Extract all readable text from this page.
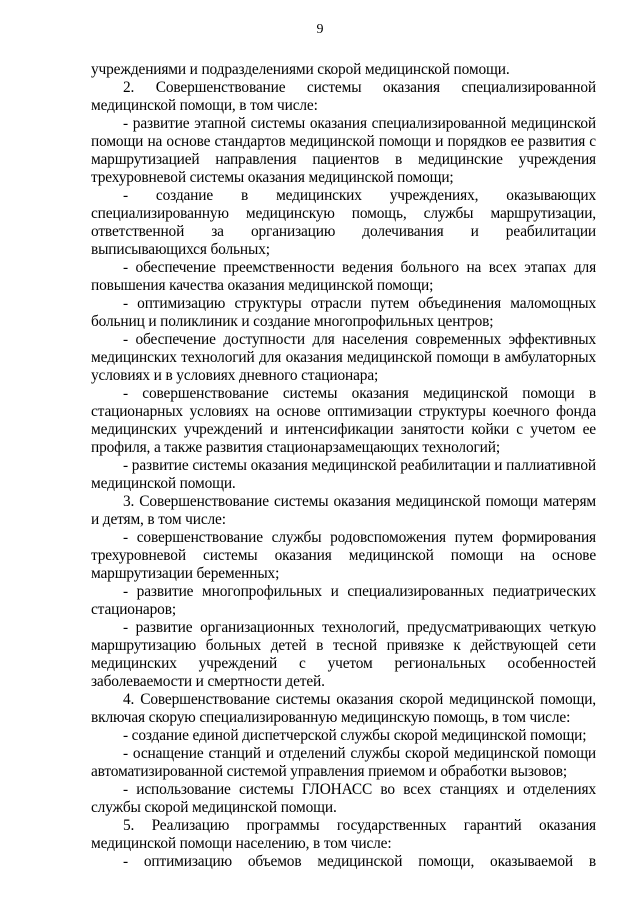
9

учреждениями и подразделениями скорой медицинской помощи.

2. Совершенствование системы оказания специализированной медицинской помощи, в том числе:

- развитие этапной системы оказания специализированной медицинской помощи на основе стандартов медицинской помощи и порядков ее развития с маршрутизацией направления пациентов в медицинские учреждения трехуровневой системы оказания медицинской помощи;

- создание в медицинских учреждениях, оказывающих специализированную медицинскую помощь, службы маршрутизации, ответственной за организацию долечивания и реабилитации выписывающихся больных;

- обеспечение преемственности ведения больного на всех этапах для повышения качества оказания медицинской помощи;

- оптимизацию структуры отрасли путем объединения маломощных больниц и поликлиник и создание многопрофильных центров;

- обеспечение доступности для населения современных эффективных медицинских технологий для оказания медицинской помощи в амбулаторных условиях и в условиях дневного стационара;

- совершенствование системы оказания медицинской помощи в стационарных условиях на основе оптимизации структуры коечного фонда медицинских учреждений и интенсификации занятости койки с учетом ее профиля, а также развития стационарзамещающих технологий;

- развитие системы оказания медицинской реабилитации и паллиативной медицинской помощи.

3. Совершенствование системы оказания медицинской помощи матерям и детям, в том числе:

- совершенствование службы родовспоможения путем формирования трехуровневой системы оказания медицинской помощи на основе маршрутизации беременных;

- развитие многопрофильных и специализированных педиатрических стационаров;

- развитие организационных технологий, предусматривающих четкую маршрутизацию больных детей в тесной привязке к действующей сети медицинских учреждений с учетом региональных особенностей заболеваемости и смертности детей.

4. Совершенствование системы оказания скорой медицинской помощи, включая скорую специализированную медицинскую помощь, в том числе:

- создание единой диспетчерской службы скорой медицинской помощи;

- оснащение станций и отделений службы скорой медицинской помощи автоматизированной системой управления приемом и обработки вызовов;

- использование системы ГЛОНАСС во всех станциях и отделениях службы скорой медицинской помощи.

5. Реализацию программы государственных гарантий оказания медицинской помощи населению, в том числе:

- оптимизацию объемов медицинской помощи, оказываемой в
